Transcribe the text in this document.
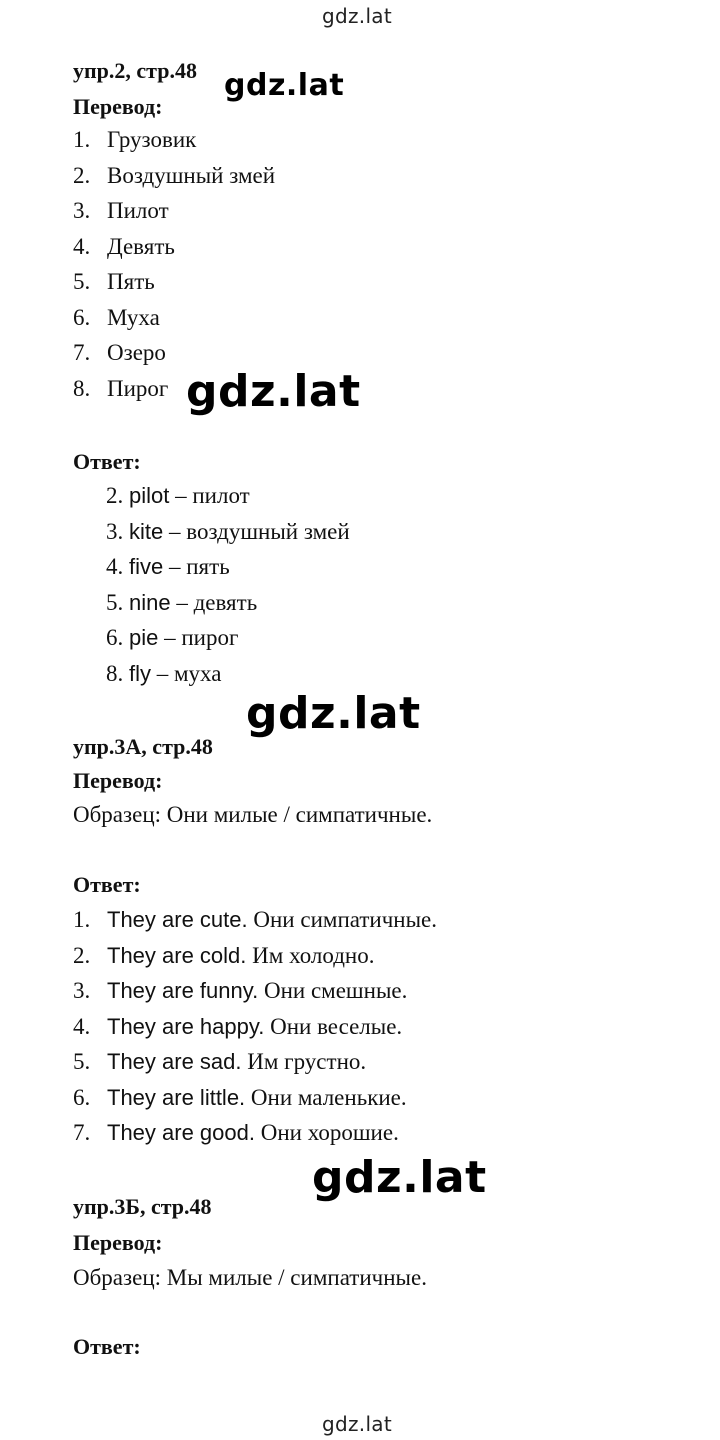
gdz.lat
gdz.lat
gdz.lat
gdz.lat
gdz.lat
gdz.lat
упр.2, стр.48
Перевод:
1. Грузовик
2. Воздушный змей
3. Пилот
4. Девять
5. Пять
6. Муха
7. Озеро
8. Пирог
Ответ:
2. pilot – пилот
3. kite – воздушный змей
4. five – пять
5. nine – девять
6. pie – пирог
8. fly – муха
упр.3А, стр.48
Перевод:
Образец: Они милые / симпатичные.
Ответ:
1. They are cute. Они симпатичные.
2. They are cold. Им холодно.
3. They are funny. Они смешные.
4. They are happy. Они веселые.
5. They are sad. Им грустно.
6. They are little. Они маленькие.
7. They are good. Они хорошие.
упр.3Б, стр.48
Перевод:
Образец: Мы милые / симпатичные.
Ответ:
